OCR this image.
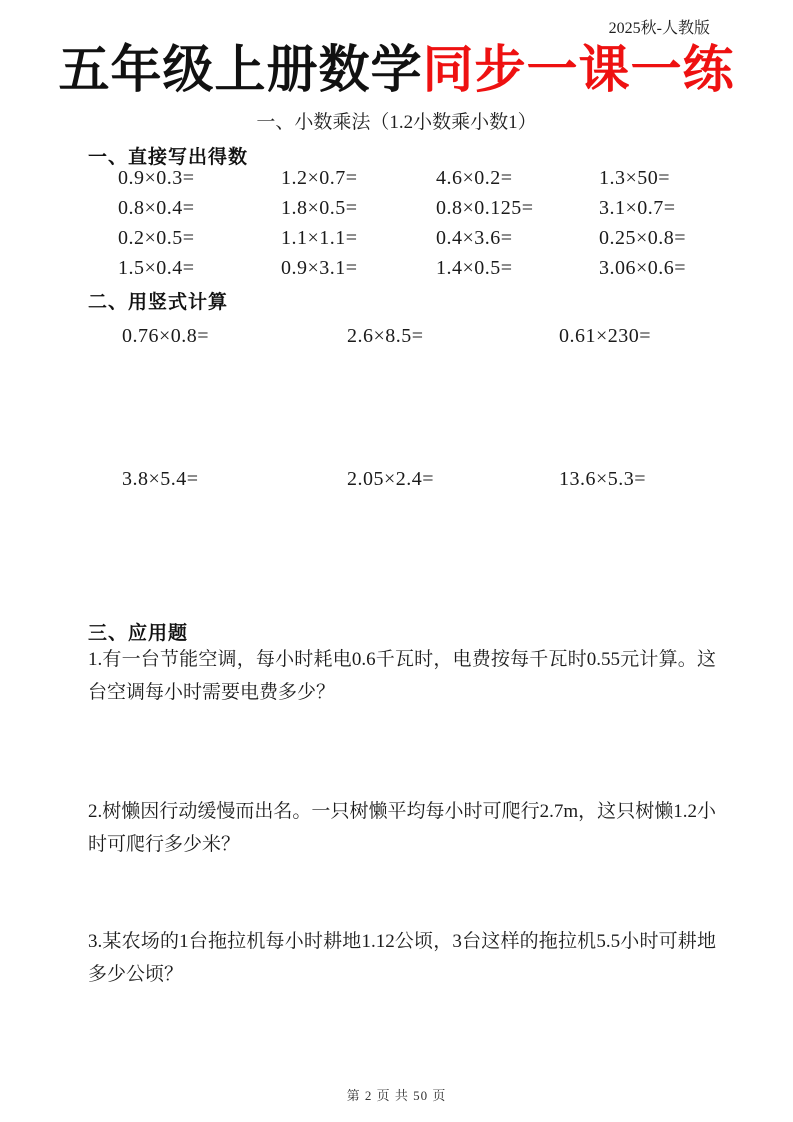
2025秋-人教版
五年级上册数学同步一课一练
一、小数乘法（1.2小数乘小数1）
一、直接写出得数
0.9×0.3=	1.2×0.7=	4.6×0.2=	1.3×50=
0.8×0.4=	1.8×0.5=	0.8×0.125=	3.1×0.7=
0.2×0.5=	1.1×1.1=	0.4×3.6=	0.25×0.8=
1.5×0.4=	0.9×3.1=	1.4×0.5=	3.06×0.6=
二、用竖式计算
0.76×0.8=	2.6×8.5=	0.61×230=
3.8×5.4=	2.05×2.4=	13.6×5.3=
三、应用题

1.有一台节能空调，每小时耗电0.6千瓦时，电费按每千瓦时0.55元计算。这台空调每小时需要电费多少？

2.树懒因行动缓慢而出名。一只树懒平均每小时可爬行2.7m，这只树懒1.2小时可爬行多少米？

3.某农场的1台拖拉机每小时耕地1.12公顷，3台这样的拖拉机5.5小时可耕地多少公顷？

第 2 页 共 50 页
